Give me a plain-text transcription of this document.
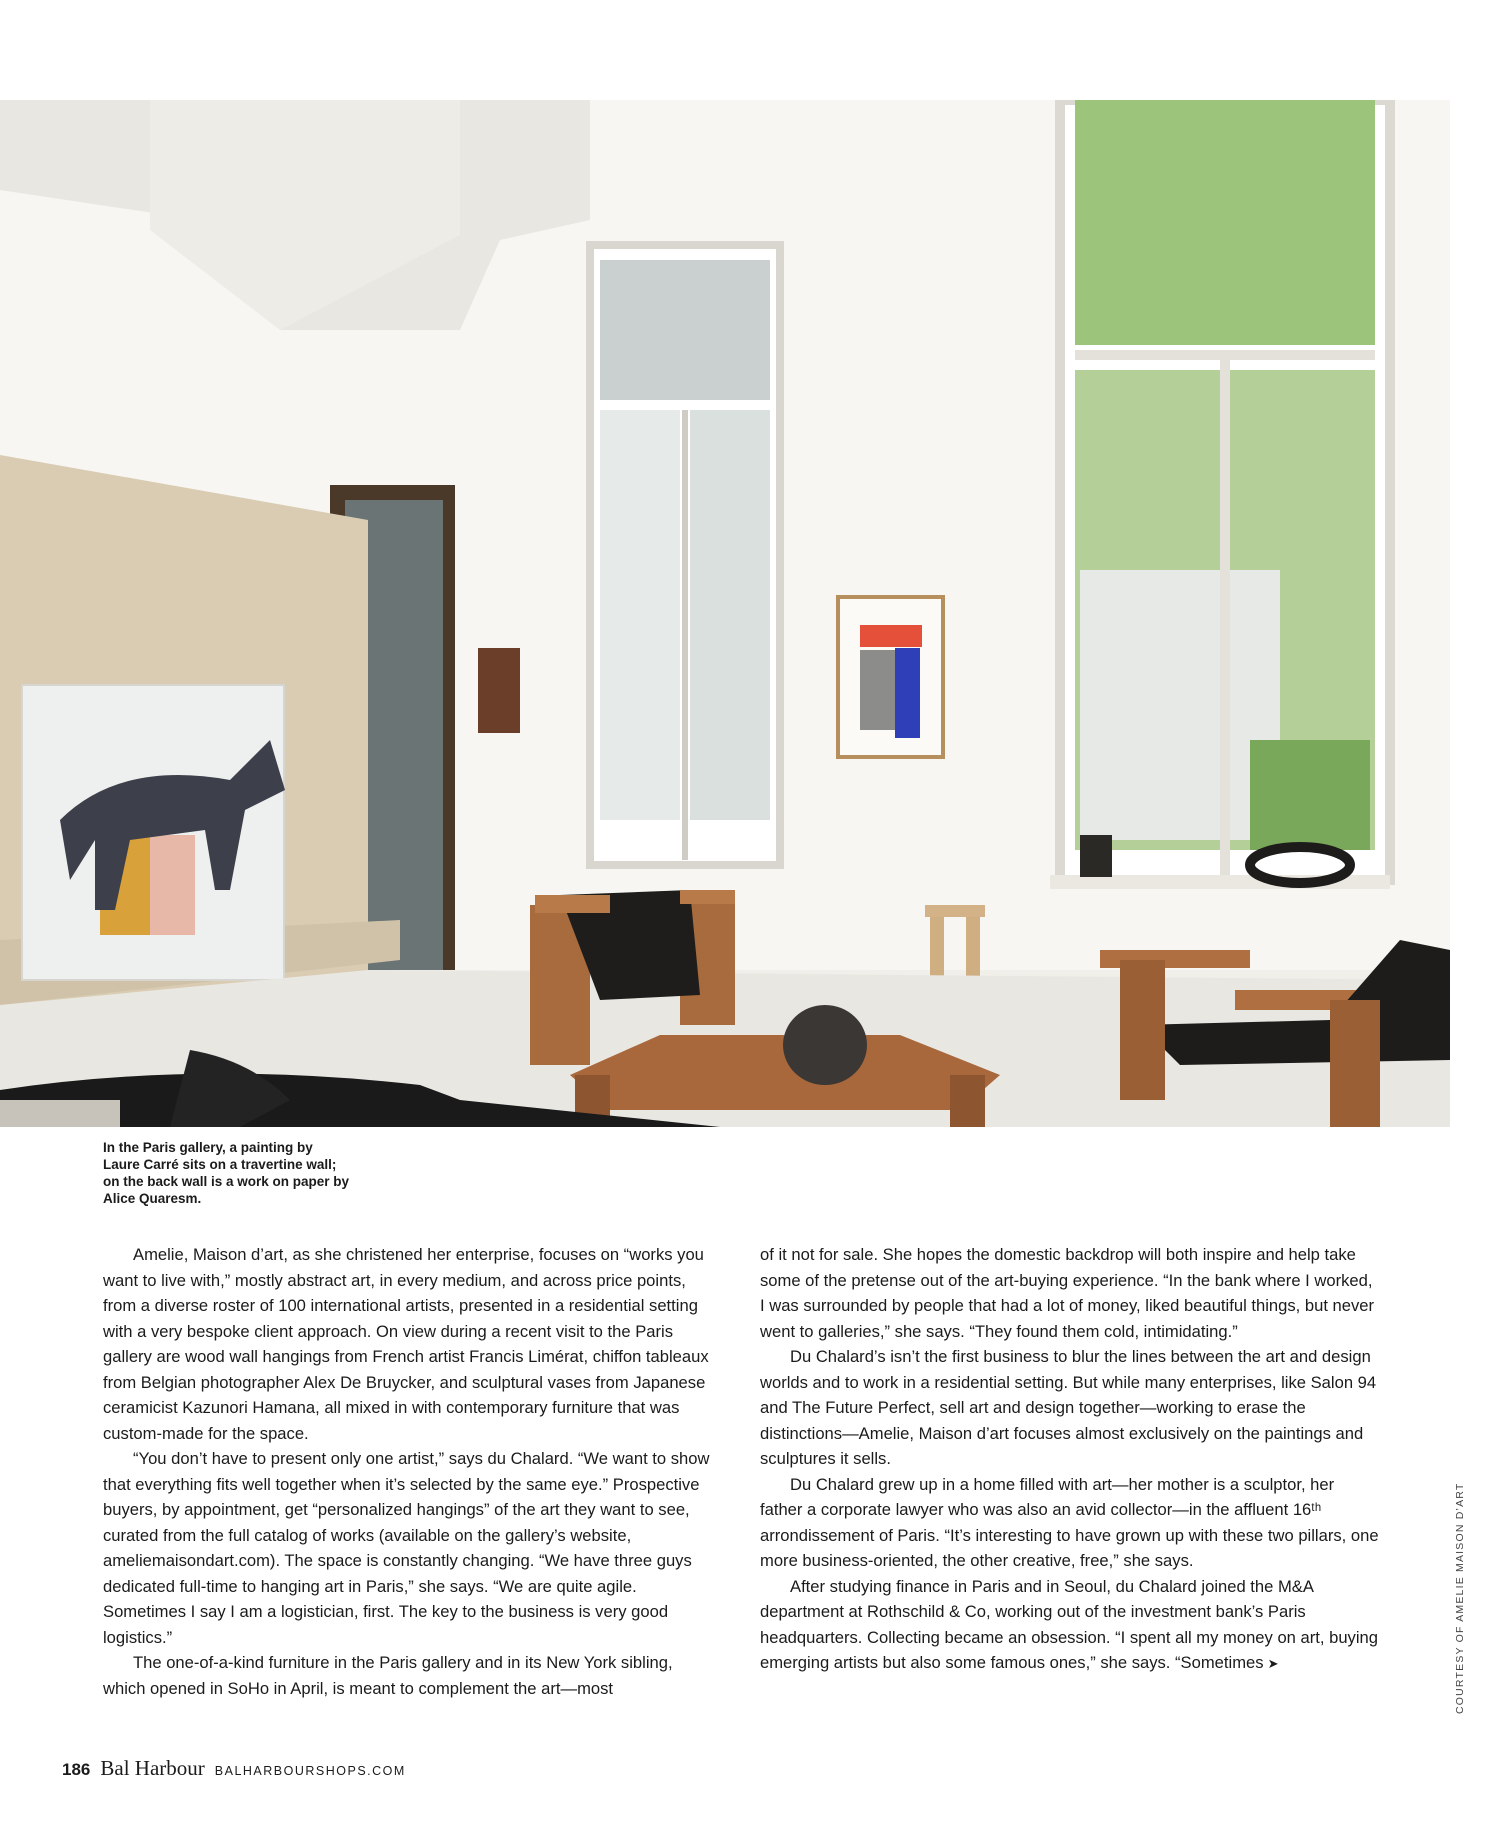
In the Paris gallery, a painting by Laure Carré sits on a travertine wall; on the back wall is a work on paper by Alice Quaresm.

Amelie, Maison d’art, as she christened her enterprise, focuses on “works you want to live with,” mostly abstract art, in every medium, and across price points, from a diverse roster of 100 international artists, presented in a residential setting with a very bespoke client approach. On view during a recent visit to the Paris gallery are wood wall hangings from French artist Francis Limérat, chiffon tableaux from Belgian photographer Alex De Bruycker, and sculptural vases from Japanese ceramicist Kazunori Hamana, all mixed in with contemporary furniture that was custom-made for the space.

“You don’t have to present only one artist,” says du Chalard. “We want to show that everything fits well together when it’s selected by the same eye.” Prospective buyers, by appointment, get “personalized hangings” of the art they want to see, curated from the full catalog of works (available on the gallery’s website, ameliemaisondart.com). The space is constantly changing. “We have three guys dedicated full-time to hanging art in Paris,” she says. “We are quite agile. Sometimes I say I am a logistician, first. The key to the business is very good logistics.”

The one-of-a-kind furniture in the Paris gallery and in its New York sibling, which opened in SoHo in April, is meant to complement the art—most

of it not for sale. She hopes the domestic backdrop will both inspire and help take some of the pretense out of the art-buying experience. “In the bank where I worked, I was surrounded by people that had a lot of money, liked beautiful things, but never went to galleries,” she says. “They found them cold, intimidating.”

Du Chalard’s isn’t the first business to blur the lines between the art and design worlds and to work in a residential setting. But while many enterprises, like Salon 94 and The Future Perfect, sell art and design together—working to erase the distinctions—Amelie, Maison d’art focuses almost exclusively on the paintings and sculptures it sells.

Du Chalard grew up in a home filled with art—her mother is a sculptor, her father a corporate lawyer who was also an avid collector—in the affluent 16ᵗʰ arrondissement of Paris. “It’s interesting to have grown up with these two pillars, one more business-oriented, the other creative, free,” she says.

After studying finance in Paris and in Seoul, du Chalard joined the M&A department at Rothschild & Co, working out of the investment bank’s Paris headquarters. Collecting became an obsession. “I spent all my money on art, buying emerging artists but also some famous ones,” she says. “Sometimes ➤	COURTESY OF AMELIE MAISON D’ART
186 Bal Harbour BALHARBOURSHOPS.COM
